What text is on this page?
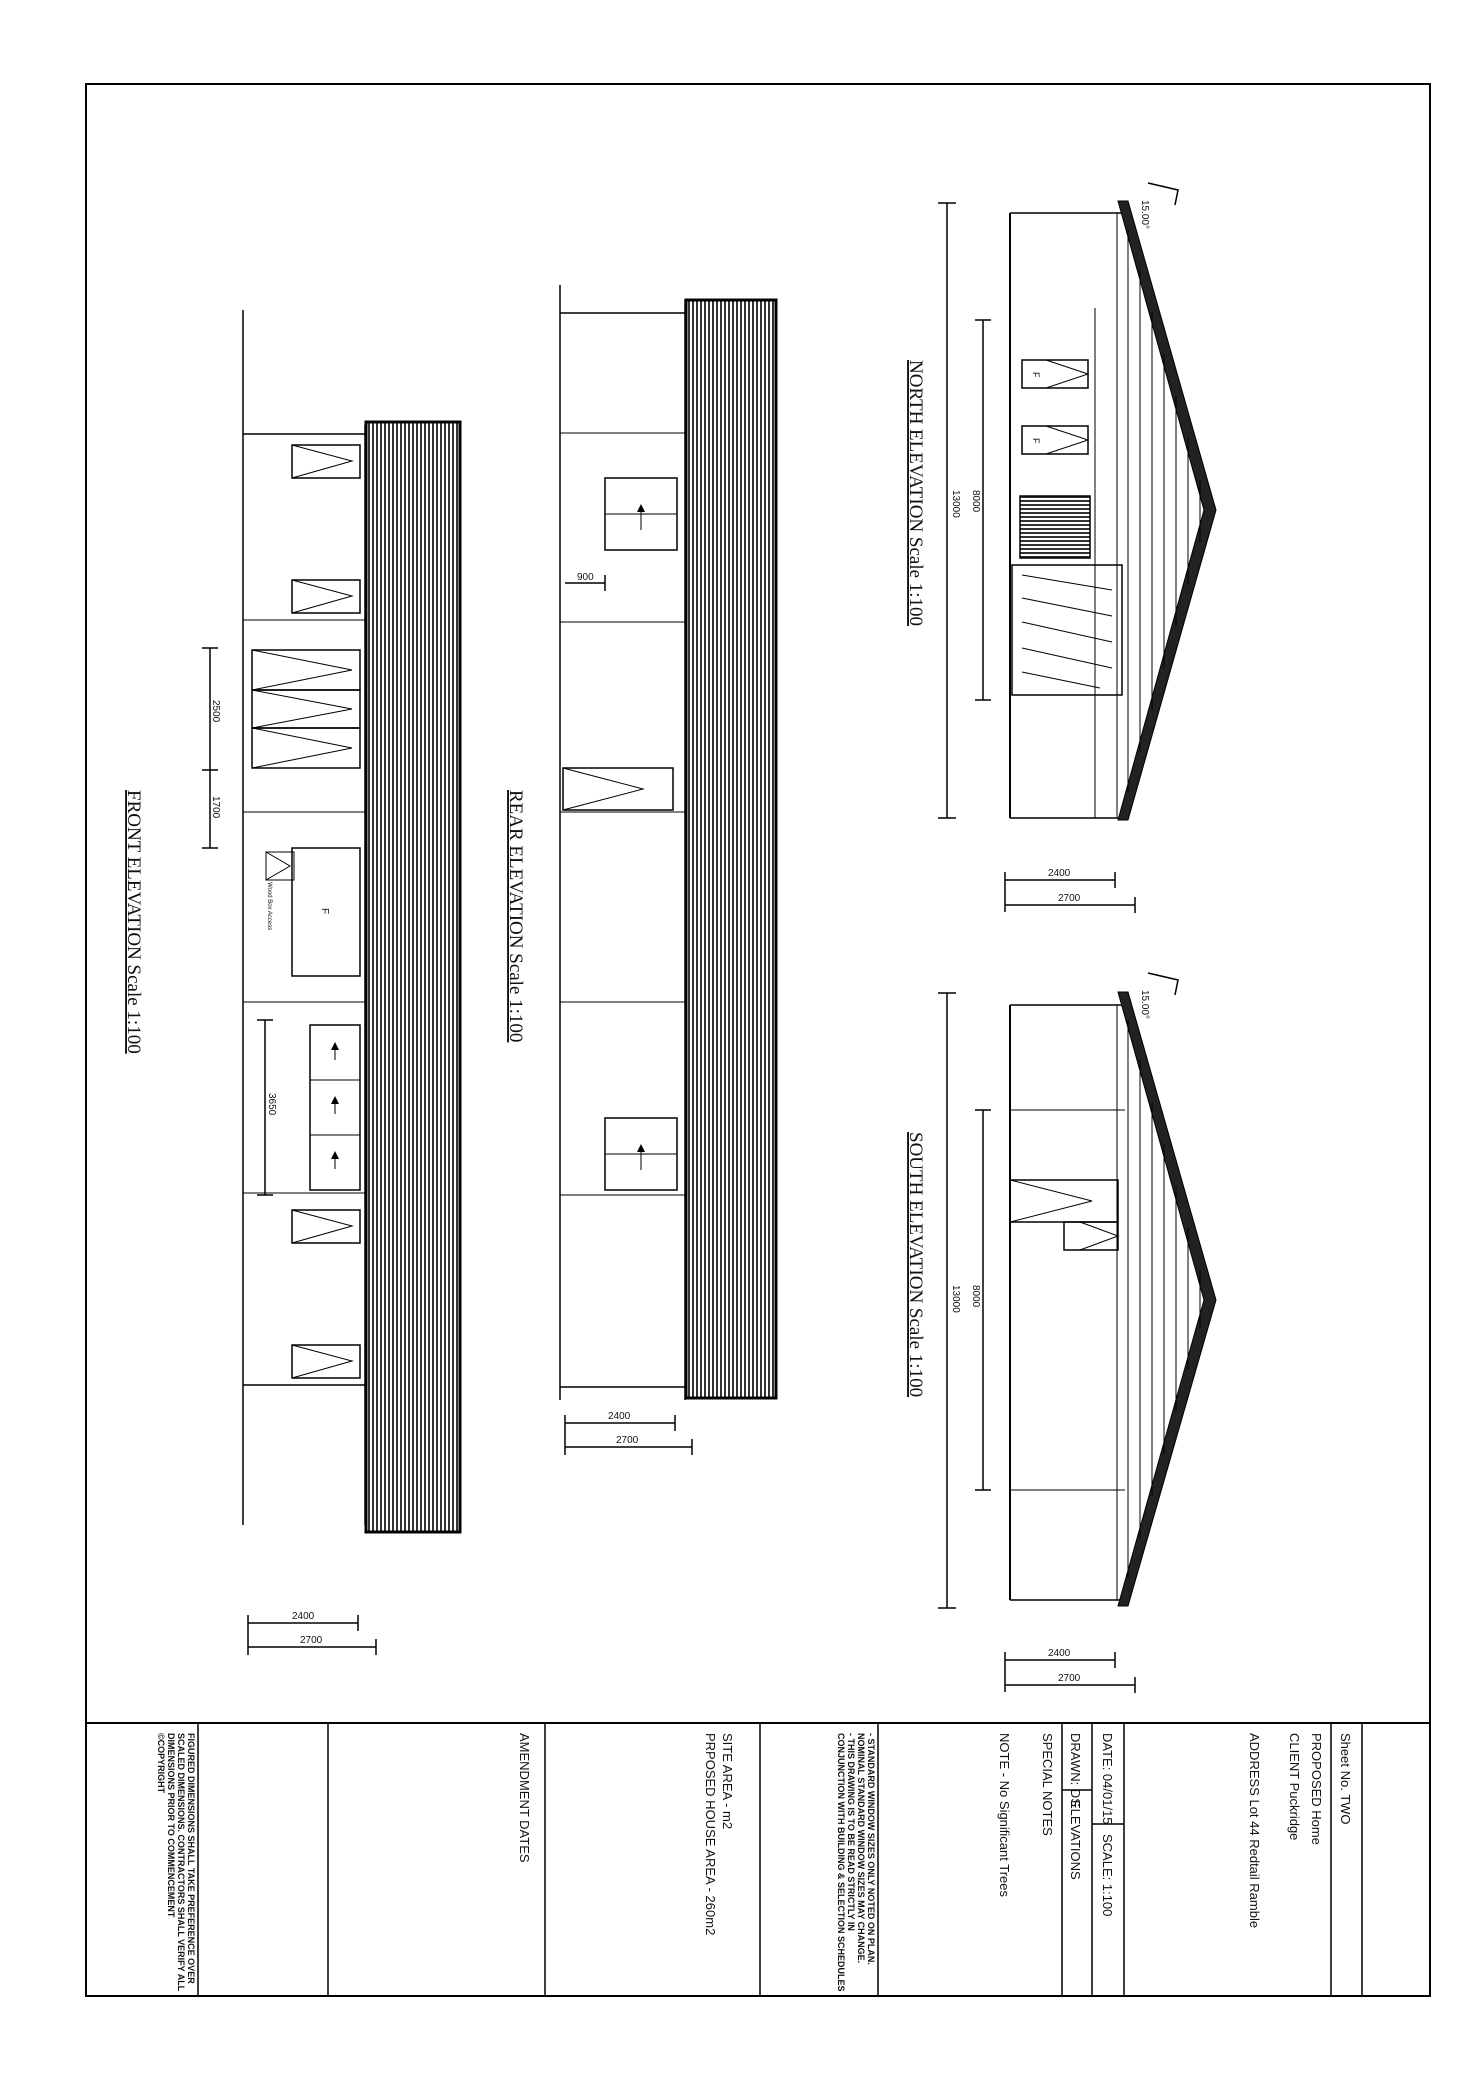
Sheet No. TWO
PROPOSED Home
CLIENT Puckridge
ADDRESS Lot 44 Redtail Ramble
DATE: 04/01/15
SCALE: 1:100
DRAWN: DS
ELEVATIONS
SPECIAL NOTES
NOTE - No Significant Trees
SITE AREA - m2
PRPOSED HOUSE AREA - 260m2
AMENDMENT DATES	- STANDARD WINDOW SIZES ONLY NOTED ON PLAN.
NOMINAL STANDARD WINDOW SIZES MAY CHANGE.
- THIS DRAWING IS TO BE READ STRICTLY IN
CONJUNCTION WITH BUILDING & SELECTION SCHEDULES
FIGURED DIMENSIONS SHALL TAKE PREFERENCE OVER
SCALED DIMENSIONS. CONTRACTORS SHALL VERIFY ALL
DIMENSIONS PRIOR TO COMMENCEMENT
©COPYRIGHT
F
F
13000 8000
2400
2700
15.00°
NORTH ELEVATION Scale 1:100
13000 8000
2400
2700
15.00°
SOUTH ELEVATION Scale 1:100
900
2400
2700
REAR ELEVATION Scale 1:100
2500
1700
3650
F
Wood Box Access
2400
2700
FRONT ELEVATION Scale 1:100
